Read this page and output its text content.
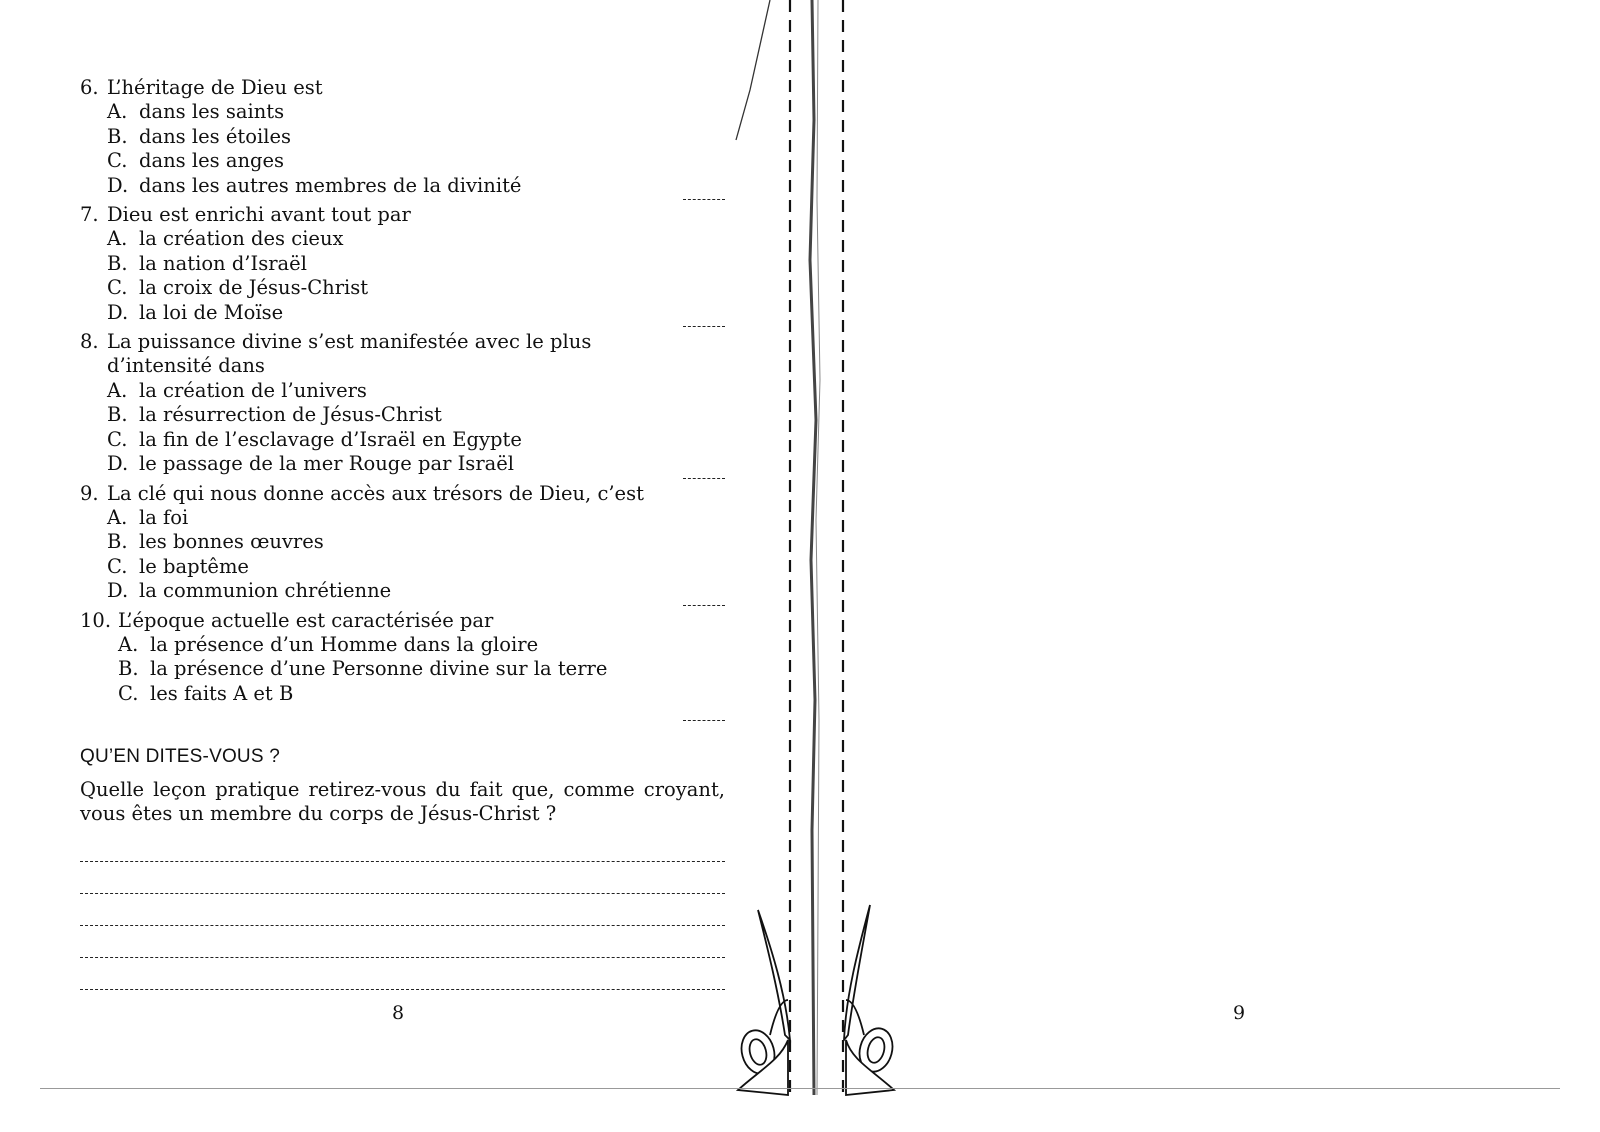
6. L’héritage de Dieu est
A. dans les saints
B. dans les étoiles
C. dans les anges
D. dans les autres membres de la divinité
7. Dieu est enrichi avant tout par
A. la création des cieux
B. la nation d’Israël
C. la croix de Jésus-Christ
D. la loi de Moïse
8. La puissance divine s’est manifestée avec le plus d’intensité dans
A. la création de l’univers
B. la résurrection de Jésus-Christ
C. la fin de l’esclavage d’Israël en Egypte
D. le passage de la mer Rouge par Israël
9. La clé qui nous donne accès aux trésors de Dieu, c’est
A. la foi
B. les bonnes œuvres
C. le baptême
D. la communion chrétienne
10. L’époque actuelle est caractérisée par
A. la présence d’un Homme dans la gloire
B. la présence d’une Personne divine sur la terre
C. les faits A et B
QU’EN DITES-VOUS ?
Quelle leçon pratique retirez-vous du fait que, comme croyant, vous êtes un membre du corps de Jésus-Christ ?
8	9
